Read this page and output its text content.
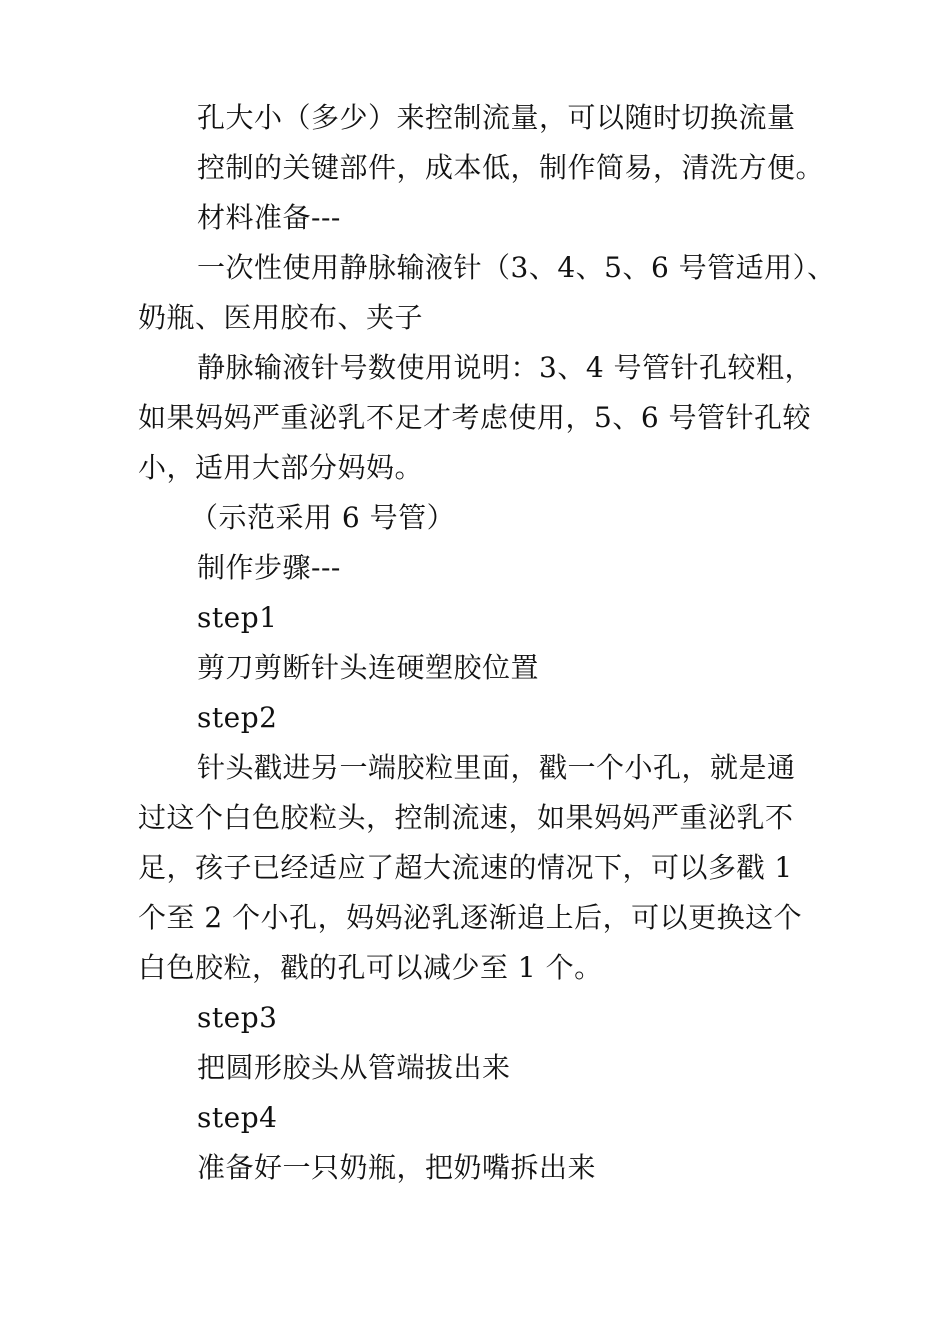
孔大小（多少）来控制流量，可以随时切换流量
控制的关键部件，成本低，制作简易，清洗方便。
材料准备---
一次性使用静脉输液针（3、4、5、6 号管适用）、
奶瓶、医用胶布、夹子
静脉输液针号数使用说明：3、4 号管针孔较粗，
如果妈妈严重泌乳不足才考虑使用，5、6 号管针孔较
小，适用大部分妈妈。
（示范采用 6 号管）
制作步骤---
step1
剪刀剪断针头连硬塑胶位置
step2
针头戳进另一端胶粒里面，戳一个小孔，就是通
过这个白色胶粒头，控制流速，如果妈妈严重泌乳不
足，孩子已经适应了超大流速的情况下，可以多戳 1
个至 2 个小孔，妈妈泌乳逐渐追上后，可以更换这个
白色胶粒，戳的孔可以减少至 1 个。
step3
把圆形胶头从管端拔出来
step4
准备好一只奶瓶，把奶嘴拆出来
